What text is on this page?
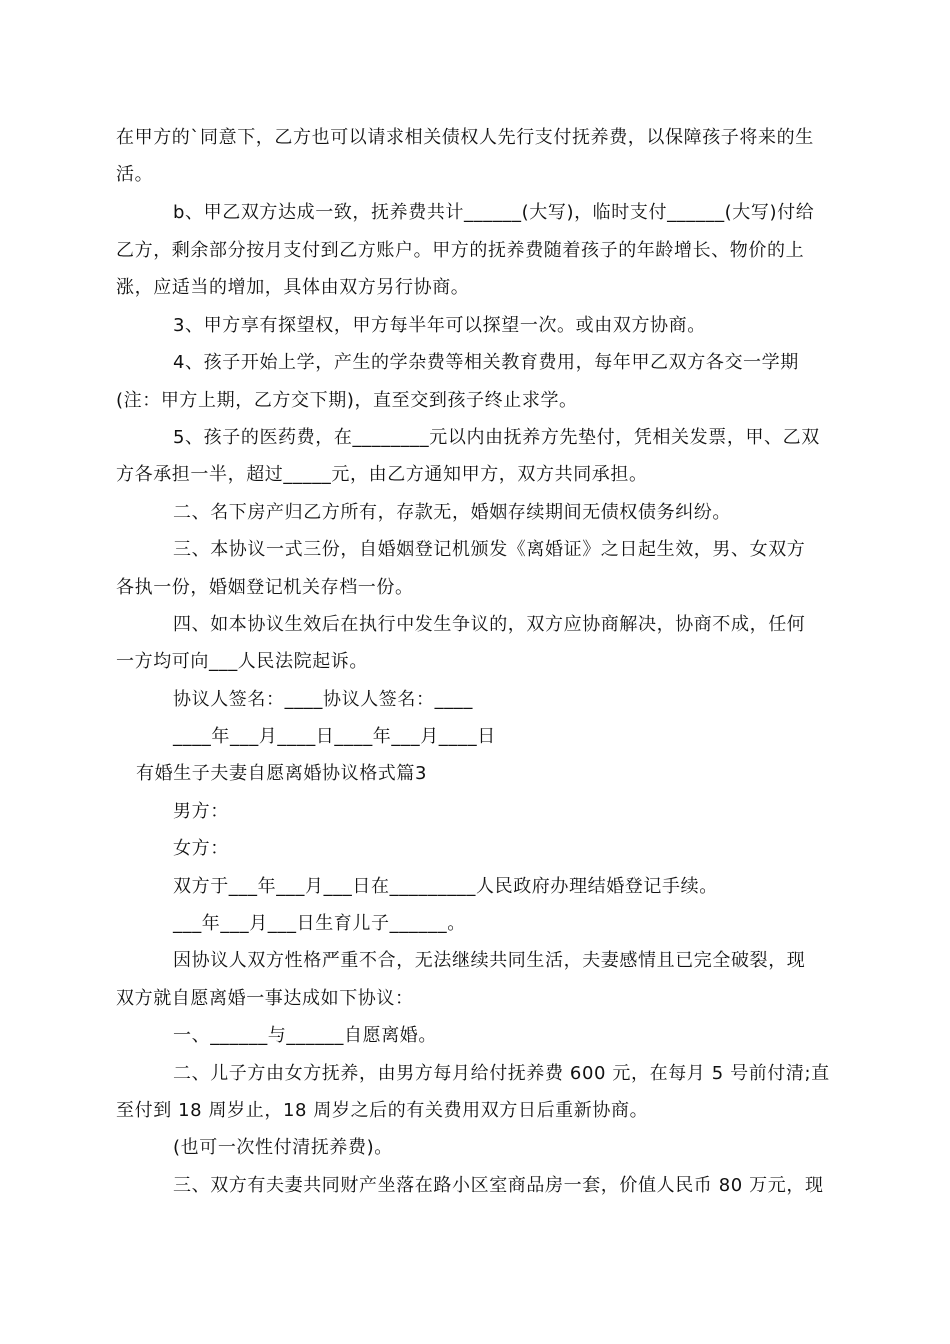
在甲方的`同意下，乙方也可以请求相关债权人先行支付抚养费，以保障孩子将来的生
活。
b、甲乙双方达成一致，抚养费共计______(大写)，临时支付______(大写)付给
乙方，剩余部分按月支付到乙方账户。甲方的抚养费随着孩子的年龄增长、物价的上
涨，应适当的增加，具体由双方另行协商。
3、甲方享有探望权，甲方每半年可以探望一次。或由双方协商。
4、孩子开始上学，产生的学杂费等相关教育费用，每年甲乙双方各交一学期
(注：甲方上期，乙方交下期)，直至交到孩子终止求学。
5、孩子的医药费，在________元以内由抚养方先垫付，凭相关发票，甲、乙双
方各承担一半，超过_____元，由乙方通知甲方，双方共同承担。
二、名下房产归乙方所有，存款无，婚姻存续期间无债权债务纠纷。
三、本协议一式三份，自婚姻登记机颁发《离婚证》之日起生效，男、女双方
各执一份，婚姻登记机关存档一份。
四、如本协议生效后在执行中发生争议的，双方应协商解决，协商不成，任何
一方均可向___人民法院起诉。
协议人签名：____协议人签名：____
____年___月____日____年___月____日
有婚生子夫妻自愿离婚协议格式篇3
男方：
女方：
双方于___年___月___日在_________人民政府办理结婚登记手续。
___年___月___日生育儿子______。
因协议人双方性格严重不合，无法继续共同生活，夫妻感情且已完全破裂，现
双方就自愿离婚一事达成如下协议：
一、______与______自愿离婚。
二、儿子方由女方抚养，由男方每月给付抚养费 600 元，在每月 5 号前付清;直
至付到 18 周岁止，18 周岁之后的有关费用双方日后重新协商。
(也可一次性付清抚养费)。
三、双方有夫妻共同财产坐落在路小区室商品房一套，价值人民币 80 万元，现
